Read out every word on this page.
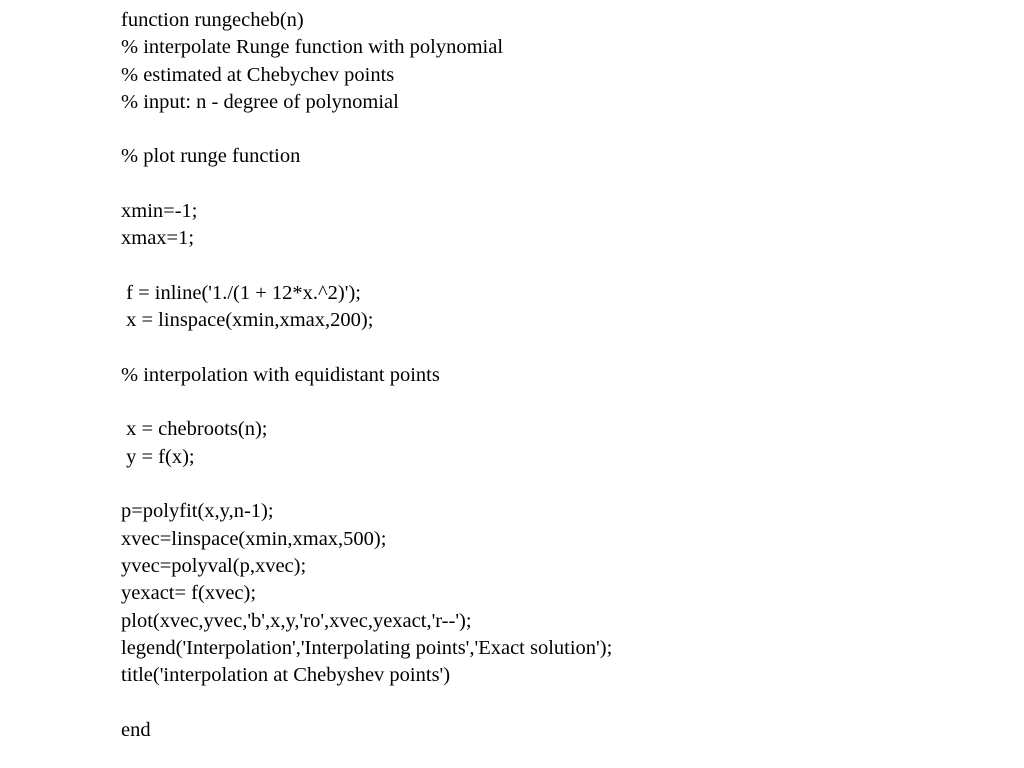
function rungecheb(n)
% interpolate Runge function with polynomial
% estimated at Chebychev points
% input: n - degree of polynomial
% plot runge function
xmin=-1;
xmax=1;
f = inline('1./(1 + 12*x.^2)');
x = linspace(xmin,xmax,200);
% interpolation with equidistant points
x = chebroots(n);
y = f(x);
p=polyfit(x,y,n-1);
xvec=linspace(xmin,xmax,500);
yvec=polyval(p,xvec);
yexact= f(xvec);
plot(xvec,yvec,'b',x,y,'ro',xvec,yexact,'r--');
legend('Interpolation','Interpolating points','Exact solution');
title('interpolation at Chebyshev points')
end
